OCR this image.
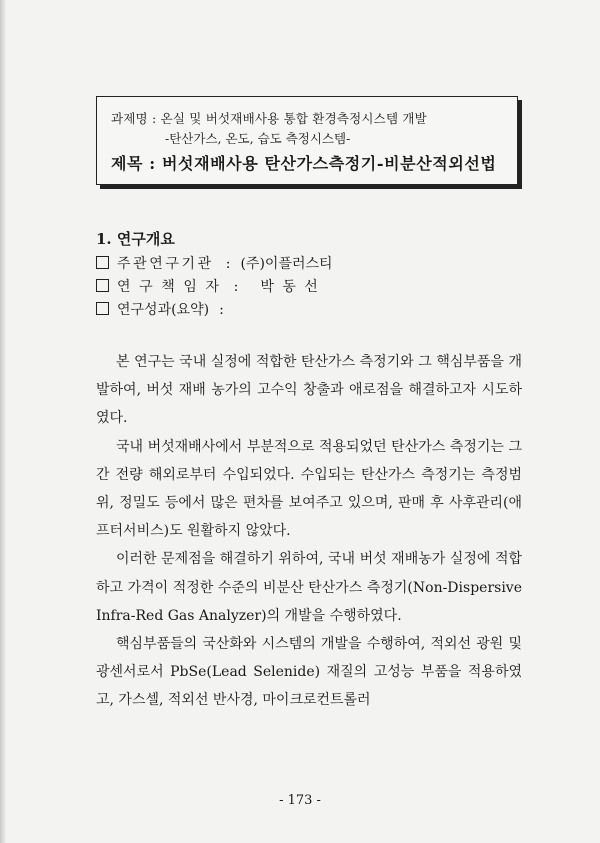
과제명 : 온실 및 버섯재배사용 통합 환경측정시스템 개발
-탄산가스, 온도, 습도 측정시스템-
제목 : 버섯재배사용 탄산가스측정기-비분산적외선법
1. 연구개요
주관연구기관 : (주)이플러스티
연구책임자 : 박 동 선
연구성과(요약) :

본 연구는 국내 실정에 적합한 탄산가스 측정기와 그 핵심부품을 개발하여, 버섯 재배 농가의 고수익 창출과 애로점을 해결하고자 시도하였다.

국내 버섯재배사에서 부분적으로 적용되었던 탄산가스 측정기는 그간 전량 해외로부터 수입되었다. 수입되는 탄산가스 측정기는 측정범위, 정밀도 등에서 많은 편차를 보여주고 있으며, 판매 후 사후관리(애프터서비스)도 원활하지 않았다.

이러한 문제점을 해결하기 위하여, 국내 버섯 재배농가 실정에 적합하고 가격이 적정한 수준의 비분산 탄산가스 측정기(Non-Dispersive Infra-Red Gas Analyzer)의 개발을 수행하였다.

핵심부품들의 국산화와 시스템의 개발을 수행하여, 적외선 광원 및 광센서로서 PbSe(Lead Selenide) 재질의 고성능 부품을 적용하였고, 가스셀, 적외선 반사경, 마이크로컨트롤러

- 173 -
